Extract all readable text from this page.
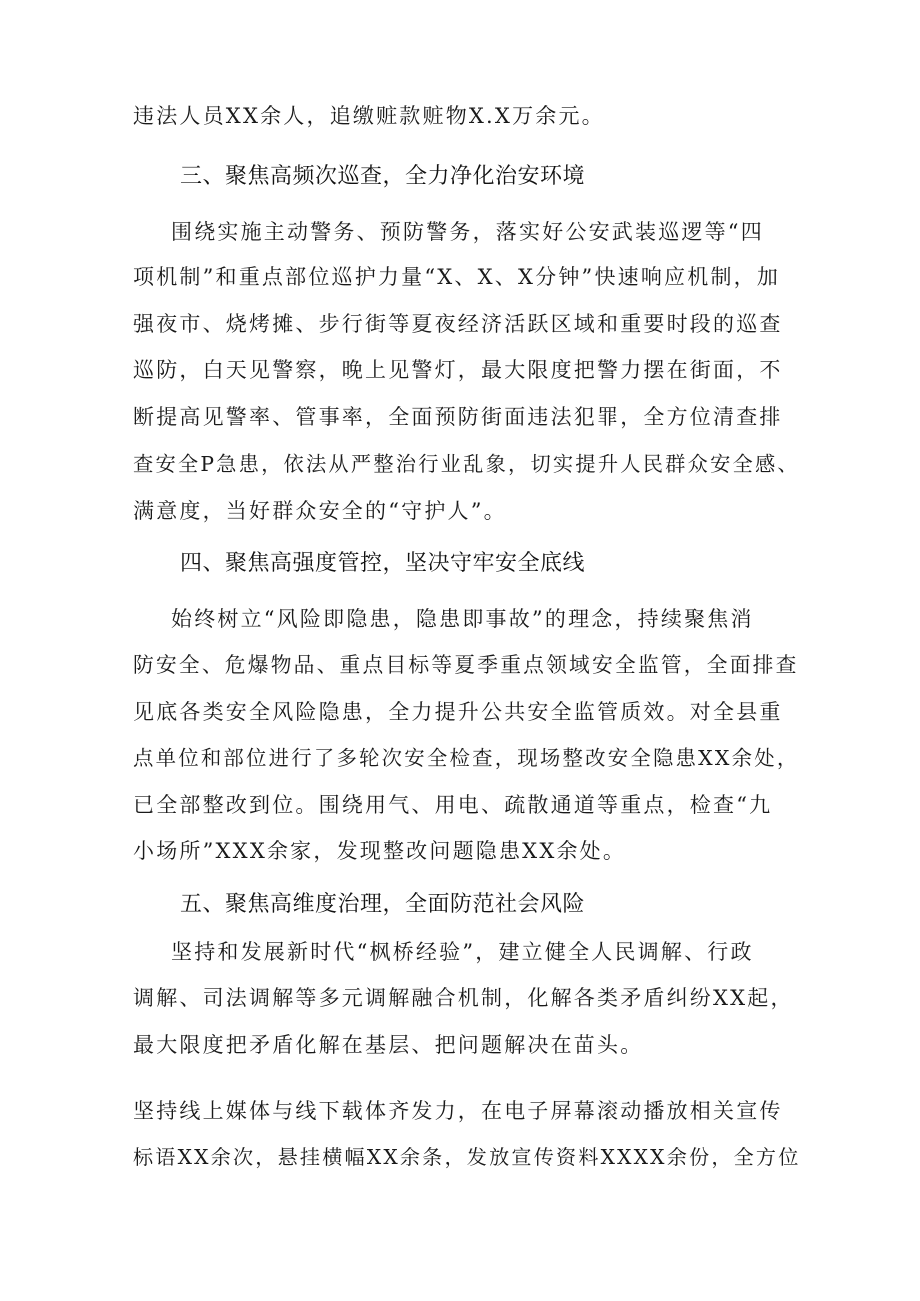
违法人员XX余人，追缴赃款赃物X.X万余元。
三、聚焦高频次巡查，全力净化治安环境
围绕实施主动警务、预防警务，落实好公安武装巡逻等“四
项机制”和重点部位巡护力量“X、X、X分钟”快速响应机制，加
强夜市、烧烤摊、步行街等夏夜经济活跃区域和重要时段的巡查
巡防，白天见警察，晚上见警灯，最大限度把警力摆在街面，不
断提高见警率、管事率，全面预防街面违法犯罪，全方位清查排
查安全P急患，依法从严整治行业乱象，切实提升人民群众安全感、
满意度，当好群众安全的“守护人”。
四、聚焦高强度管控，坚决守牢安全底线
始终树立“风险即隐患，隐患即事故”的理念，持续聚焦消
防安全、危爆物品、重点目标等夏季重点领域安全监管，全面排查
见底各类安全风险隐患，全力提升公共安全监管质效。对全县重
点单位和部位进行了多轮次安全检查，现场整改安全隐患XX余处，
已全部整改到位。围绕用气、用电、疏散通道等重点，检查“九
小场所”XXX余家，发现整改问题隐患XX余处。
五、聚焦高维度治理，全面防范社会风险
坚持和发展新时代“枫桥经验”，建立健全人民调解、行政
调解、司法调解等多元调解融合机制，化解各类矛盾纠纷XX起，
最大限度把矛盾化解在基层、把问题解决在苗头。
坚持线上媒体与线下载体齐发力，在电子屏幕滚动播放相关宣传
标语XX余次，悬挂横幅XX余条，发放宣传资料XXXX余份，全方位
